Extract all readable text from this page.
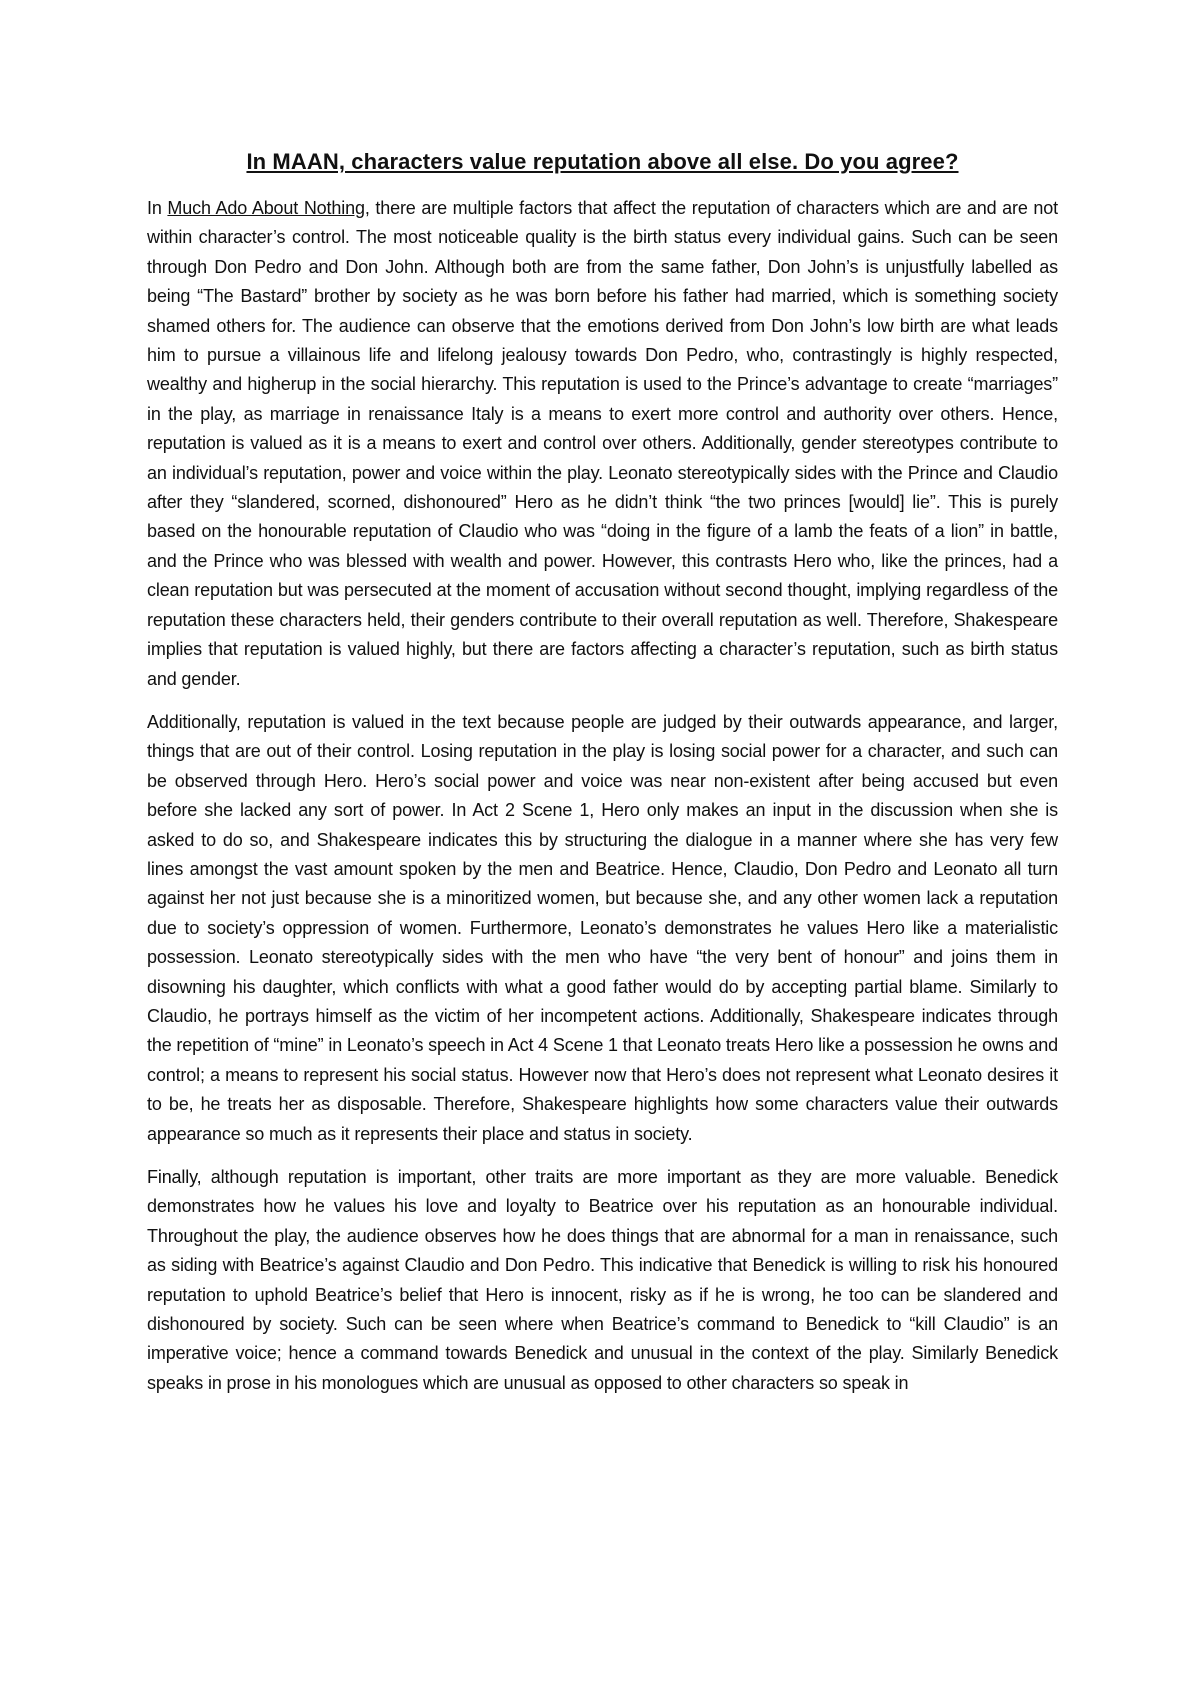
In MAAN, characters value reputation above all else. Do you agree?

In Much Ado About Nothing, there are multiple factors that affect the reputation of characters which are and are not within character’s control. The most noticeable quality is the birth status every individual gains. Such can be seen through Don Pedro and Don John. Although both are from the same father, Don John’s is unjustfully labelled as being “The Bastard” brother by society as he was born before his father had married, which is something society shamed others for. The audience can observe that the emotions derived from Don John’s low birth are what leads him to pursue a villainous life and lifelong jealousy towards Don Pedro, who, contrastingly is highly respected, wealthy and higherup in the social hierarchy. This reputation is used to the Prince’s advantage to create “marriages” in the play, as marriage in renaissance Italy is a means to exert more control and authority over others. Hence, reputation is valued as it is a means to exert and control over others. Additionally, gender stereotypes contribute to an individual’s reputation, power and voice within the play. Leonato stereotypically sides with the Prince and Claudio after they “slandered, scorned, dishonoured” Hero as he didn’t think “the two princes [would] lie”. This is purely based on the honourable reputation of Claudio who was “doing in the figure of a lamb the feats of a lion” in battle, and the Prince who was blessed with wealth and power. However, this contrasts Hero who, like the princes, had a clean reputation but was persecuted at the moment of accusation without second thought, implying regardless of the reputation these characters held, their genders contribute to their overall reputation as well. Therefore, Shakespeare implies that reputation is valued highly, but there are factors affecting a character’s reputation, such as birth status and gender.

Additionally, reputation is valued in the text because people are judged by their outwards appearance, and larger, things that are out of their control. Losing reputation in the play is losing social power for a character, and such can be observed through Hero. Hero’s social power and voice was near non-existent after being accused but even before she lacked any sort of power. In Act 2 Scene 1, Hero only makes an input in the discussion when she is asked to do so, and Shakespeare indicates this by structuring the dialogue in a manner where she has very few lines amongst the vast amount spoken by the men and Beatrice. Hence, Claudio, Don Pedro and Leonato all turn against her not just because she is a minoritized women, but because she, and any other women lack a reputation due to society’s oppression of women. Furthermore, Leonato’s demonstrates he values Hero like a materialistic possession. Leonato stereotypically sides with the men who have “the very bent of honour” and joins them in disowning his daughter, which conflicts with what a good father would do by accepting partial blame. Similarly to Claudio, he portrays himself as the victim of her incompetent actions. Additionally, Shakespeare indicates through the repetition of “mine” in Leonato’s speech in Act 4 Scene 1 that Leonato treats Hero like a possession he owns and control; a means to represent his social status. However now that Hero’s does not represent what Leonato desires it to be, he treats her as disposable. Therefore, Shakespeare highlights how some characters value their outwards appearance so much as it represents their place and status in society.

Finally, although reputation is important, other traits are more important as they are more valuable. Benedick demonstrates how he values his love and loyalty to Beatrice over his reputation as an honourable individual. Throughout the play, the audience observes how he does things that are abnormal for a man in renaissance, such as siding with Beatrice’s against Claudio and Don Pedro. This indicative that Benedick is willing to risk his honoured reputation to uphold Beatrice’s belief that Hero is innocent, risky as if he is wrong, he too can be slandered and dishonoured by society. Such can be seen where when Beatrice’s command to Benedick to “kill Claudio” is an imperative voice; hence a command towards Benedick and unusual in the context of the play. Similarly Benedick speaks in prose in his monologues which are unusual as opposed to other characters so speak in
